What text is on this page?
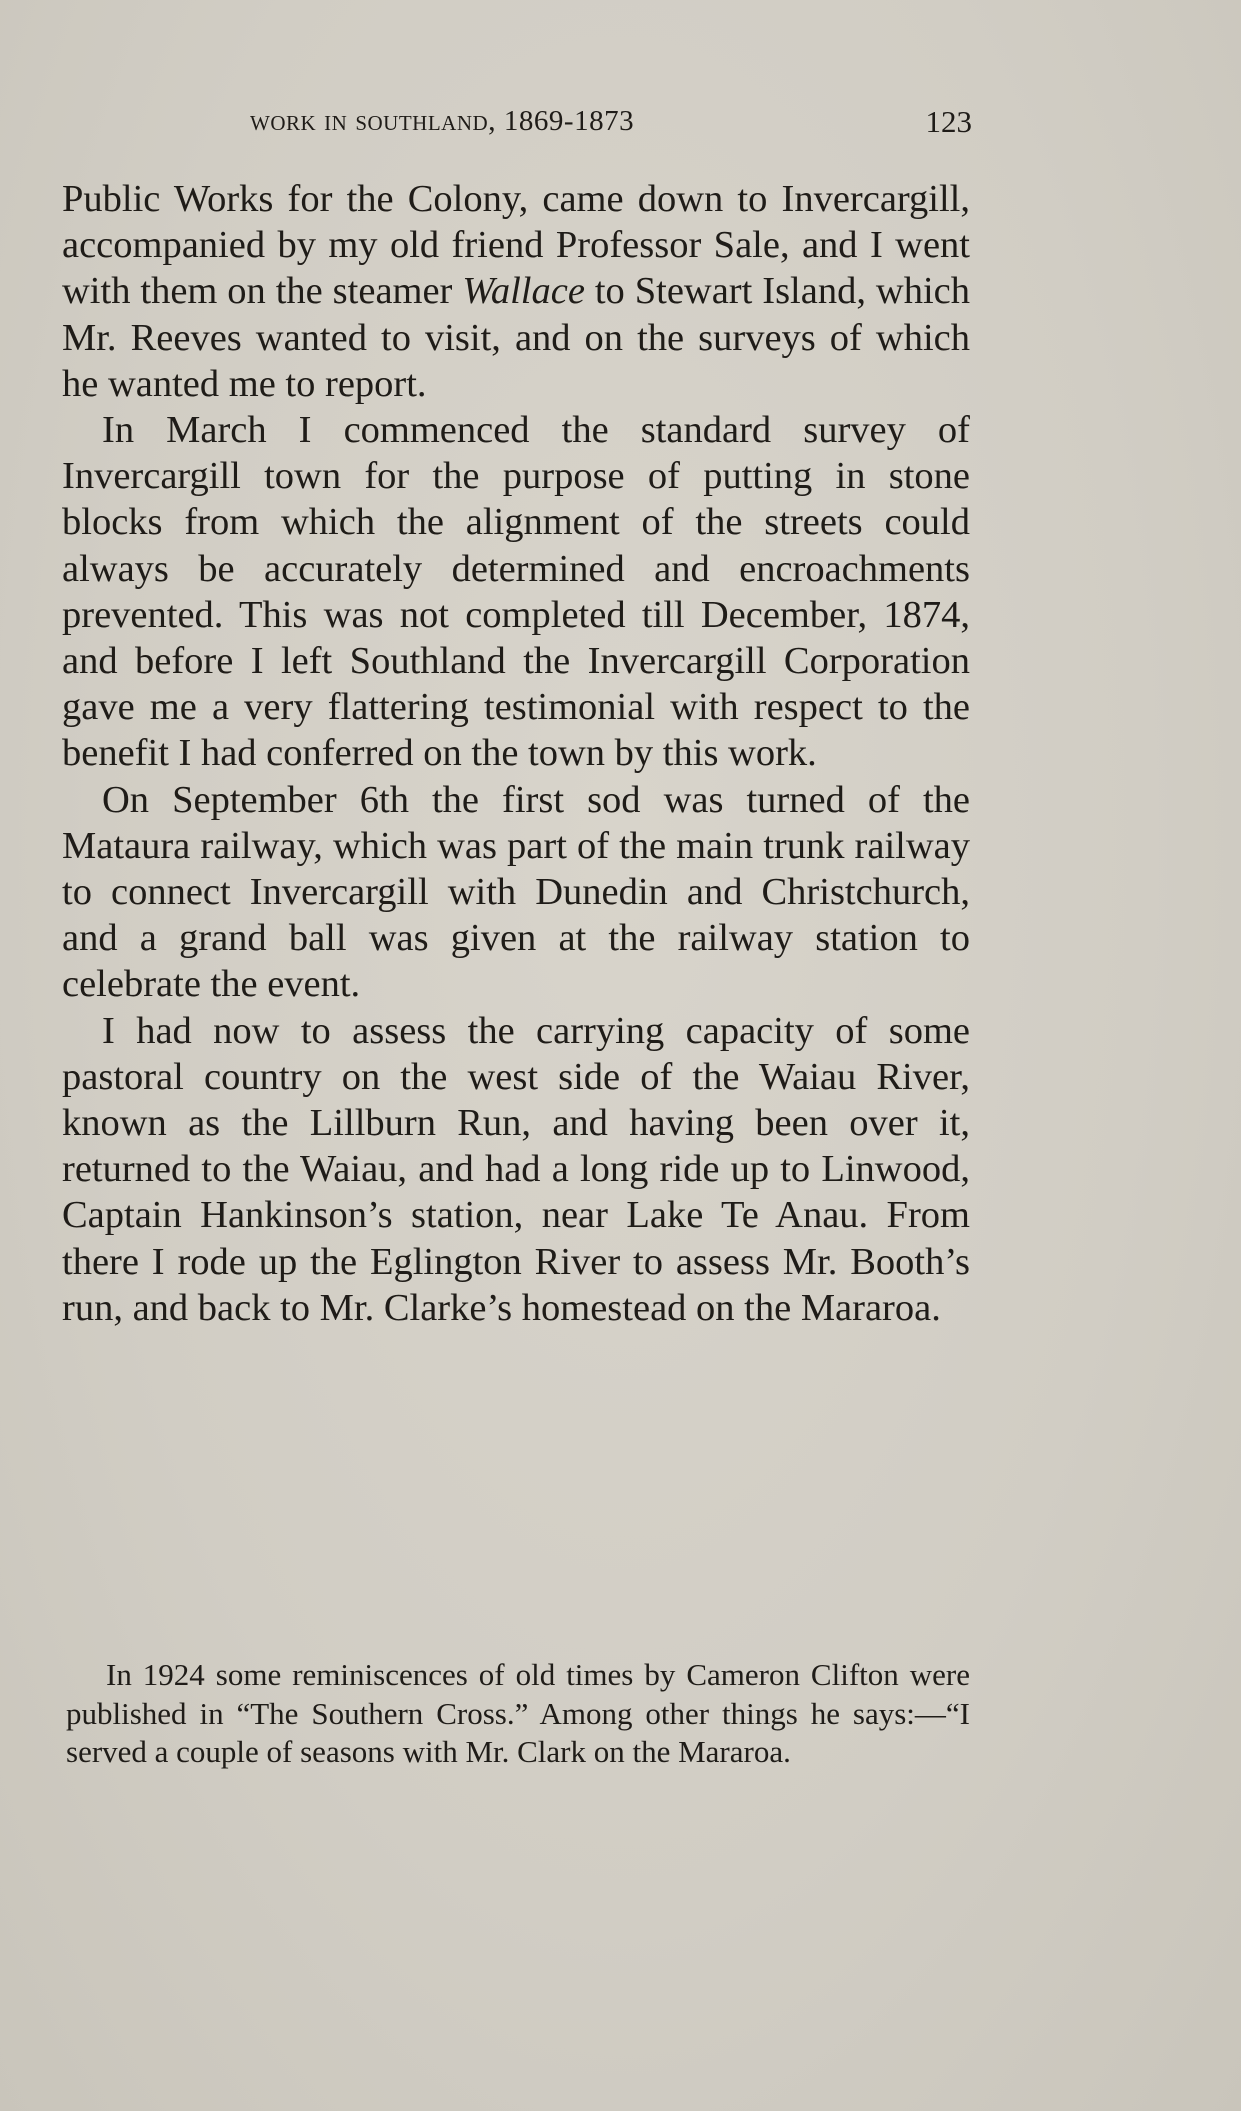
work in southland, 1869-1873	123

Public Works for the Colony, came down to Invercargill, accompanied by my old friend Professor Sale, and I went with them on the steamer Wallace to Stewart Island, which Mr. Reeves wanted to visit, and on the surveys of which he wanted me to report.

In March I commenced the standard survey of Invercargill town for the purpose of putting in stone blocks from which the alignment of the streets could always be accurately determined and encroachments prevented. This was not completed till December, 1874, and before I left Southland the Invercargill Corporation gave me a very flattering testimonial with respect to the benefit I had conferred on the town by this work.

On September 6th the first sod was turned of the Mataura railway, which was part of the main trunk railway to connect Invercargill with Dunedin and Christchurch, and a grand ball was given at the railway station to celebrate the event.

I had now to assess the carrying capacity of some pastoral country on the west side of the Waiau River, known as the Lillburn Run, and having been over it, returned to the Waiau, and had a long ride up to Linwood, Captain Hankinson’s station, near Lake Te Anau. From there I rode up the Eglington River to assess Mr. Booth’s run, and back to Mr. Clarke’s homestead on the Mararoa.

In 1924 some reminiscences of old times by Cameron Clifton were published in “The Southern Cross.” Among other things he says:—“I served a couple of seasons with Mr. Clark on the Mararoa.
